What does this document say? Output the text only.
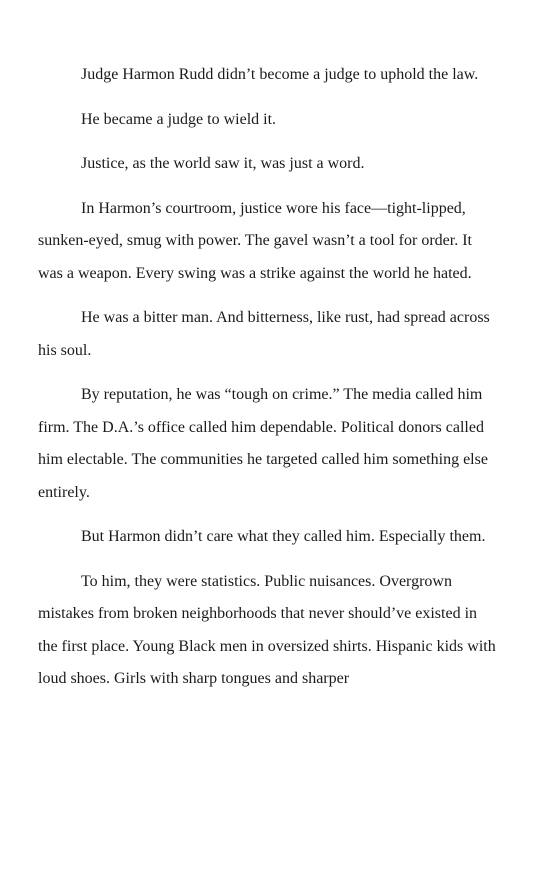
Judge Harmon Rudd didn’t become a judge to uphold the law.

He became a judge to wield it.

Justice, as the world saw it, was just a word.

In Harmon’s courtroom, justice wore his face—tight-lipped, sunken-eyed, smug with power. The gavel wasn’t a tool for order. It was a weapon. Every swing was a strike against the world he hated.

He was a bitter man. And bitterness, like rust, had spread across his soul.

By reputation, he was “tough on crime.” The media called him firm. The D.A.’s office called him dependable. Political donors called him electable. The communities he targeted called him something else entirely.

But Harmon didn’t care what they called him. Especially them.

To him, they were statistics. Public nuisances. Overgrown mistakes from broken neighborhoods that never should’ve existed in the first place. Young Black men in oversized shirts. Hispanic kids with loud shoes. Girls with sharp tongues and sharper
